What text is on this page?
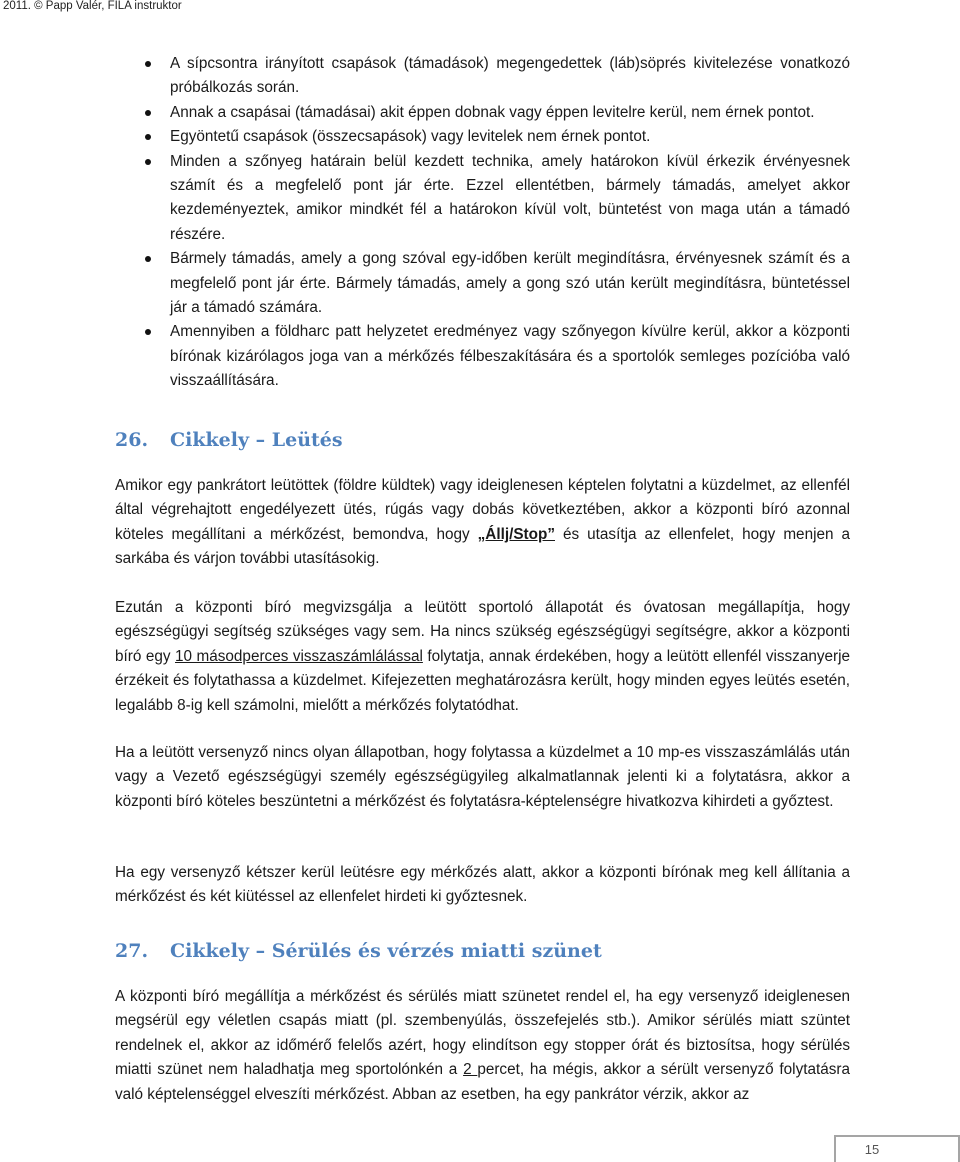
2011. © Papp Valér, FILA instruktor
A sípcsontra irányított csapások (támadások) megengedettek (láb)söprés kivitelezése vonatkozó próbálkozás során.
Annak a csapásai (támadásai) akit éppen dobnak vagy éppen levitelre kerül, nem érnek pontot.
Egyöntetű csapások (összecsapások) vagy levitelek nem érnek pontot.
Minden a szőnyeg határain belül kezdett technika, amely határokon kívül érkezik érvényesnek számít és a megfelelő pont jár érte. Ezzel ellentétben, bármely támadás, amelyet akkor kezdeményeztek, amikor mindkét fél a határokon kívül volt, büntetést von maga után a támadó részére.
Bármely támadás, amely a gong szóval egy-időben került megindításra, érvényesnek számít és a megfelelő pont jár érte. Bármely támadás, amely a gong szó után került megindításra, büntetéssel jár a támadó számára.
Amennyiben a földharc patt helyzetet eredményez vagy szőnyegon kívülre kerül, akkor a központi bírónak kizárólagos joga van a mérkőzés félbeszakítására és a sportolók semleges pozícióba való visszaállítására.
26. Cikkely – Leütés

Amikor egy pankrátort leütöttek (földre küldtek) vagy ideiglenesen képtelen folytatni a küzdelmet, az ellenfél által végrehajtott engedélyezett ütés, rúgás vagy dobás következtében, akkor a központi bíró azonnal köteles megállítani a mérkőzést, bemondva, hogy „Állj/Stop” és utasítja az ellenfelet, hogy menjen a sarkába és várjon további utasításokig.

Ezután a központi bíró megvizsgálja a leütött sportoló állapotát és óvatosan megállapítja, hogy egészségügyi segítség szükséges vagy sem. Ha nincs szükség egészségügyi segítségre, akkor a központi bíró egy 10 másodperces visszaszámlálással folytatja, annak érdekében, hogy a leütött ellenfél visszanyerje érzékeit és folytathassa a küzdelmet. Kifejezetten meghatározásra került, hogy minden egyes leütés esetén, legalább 8-ig kell számolni, mielőtt a mérkőzés folytatódhat.

Ha a leütött versenyző nincs olyan állapotban, hogy folytassa a küzdelmet a 10 mp-es visszaszámlálás után vagy a Vezető egészségügyi személy egészségügyileg alkalmatlannak jelenti ki a folytatásra, akkor a központi bíró köteles beszüntetni a mérkőzést és folytatásra-képtelenségre hivatkozva kihirdeti a győztest.

Ha egy versenyző kétszer kerül leütésre egy mérkőzés alatt, akkor a központi bírónak meg kell állítania a mérkőzést és két kiütéssel az ellenfelet hirdeti ki győztesnek.

27. Cikkely – Sérülés és vérzés miatti szünet

A központi bíró megállítja a mérkőzést és sérülés miatt szünetet rendel el, ha egy versenyző ideiglenesen megsérül egy véletlen csapás miatt (pl. szembenyúlás, összefejelés stb.). Amikor sérülés miatt szüntet rendelnek el, akkor az időmérő felelős azért, hogy elindítson egy stopper órát és biztosítsa, hogy sérülés miatti szünet nem haladhatja meg sportolónkén a 2 percet, ha mégis, akkor a sérült versenyző folytatásra való képtelenséggel elveszíti mérkőzést. Abban az esetben, ha egy pankrátor vérzik, akkor az

15
